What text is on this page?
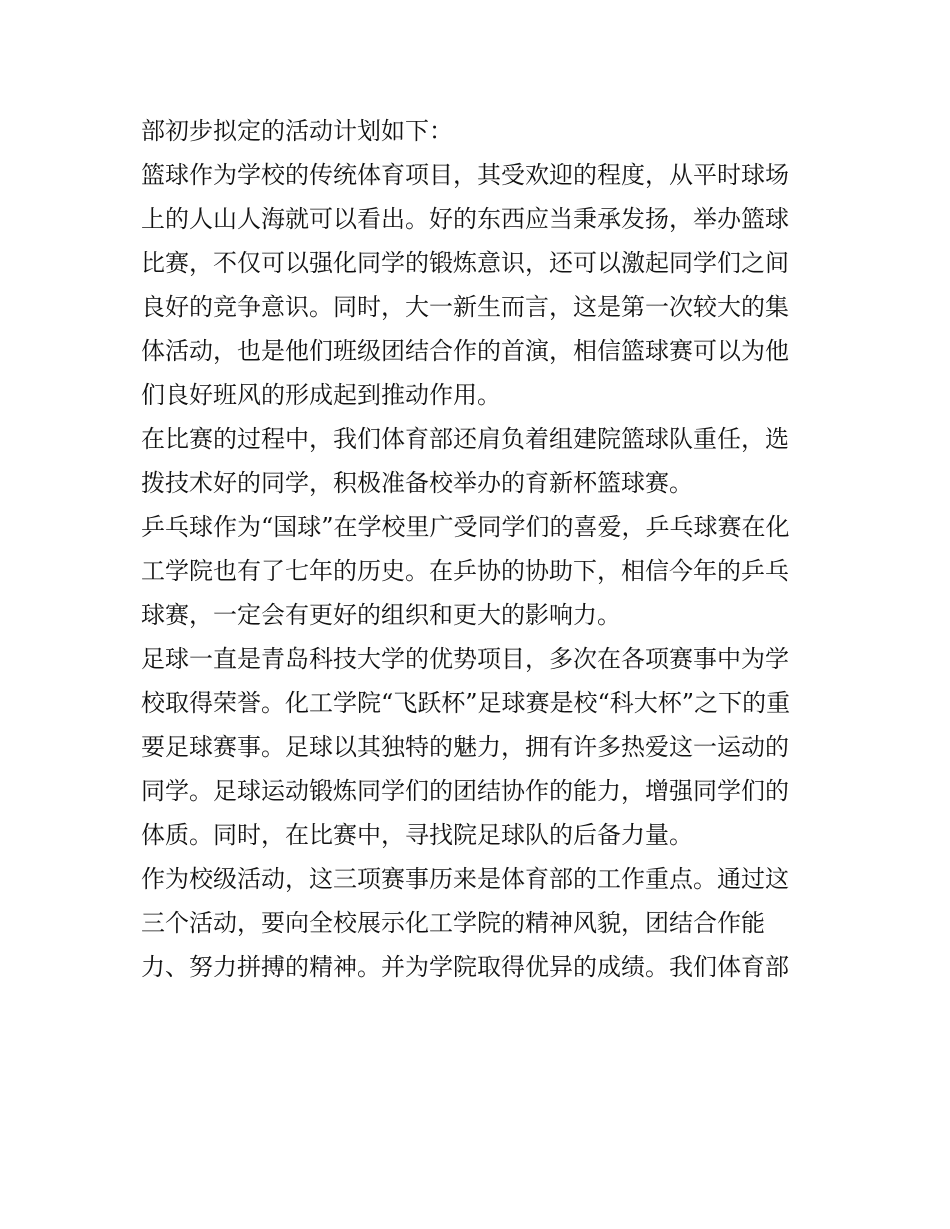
部初步拟定的活动计划如下：
篮球作为学校的传统体育项目，其受欢迎的程度，从平时球场
上的人山人海就可以看出。好的东西应当秉承发扬，举办篮球
比赛，不仅可以强化同学的锻炼意识，还可以激起同学们之间
良好的竞争意识。同时，大一新生而言，这是第一次较大的集
体活动，也是他们班级团结合作的首演，相信篮球赛可以为他
们良好班风的形成起到推动作用。
在比赛的过程中，我们体育部还肩负着组建院篮球队重任，选
拨技术好的同学，积极准备校举办的育新杯篮球赛。
乒乓球作为“国球”在学校里广受同学们的喜爱，乒乓球赛在化
工学院也有了七年的历史。在乒协的协助下，相信今年的乒乓
球赛，一定会有更好的组织和更大的影响力。
足球一直是青岛科技大学的优势项目，多次在各项赛事中为学
校取得荣誉。化工学院“飞跃杯”足球赛是校“科大杯”之下的重
要足球赛事。足球以其独特的魅力，拥有许多热爱这一运动的
同学。足球运动锻炼同学们的团结协作的能力，增强同学们的
体质。同时，在比赛中，寻找院足球队的后备力量。
作为校级活动，这三项赛事历来是体育部的工作重点。通过这
三个活动，要向全校展示化工学院的精神风貌，团结合作能
力、努力拼搏的精神。并为学院取得优异的成绩。我们体育部
